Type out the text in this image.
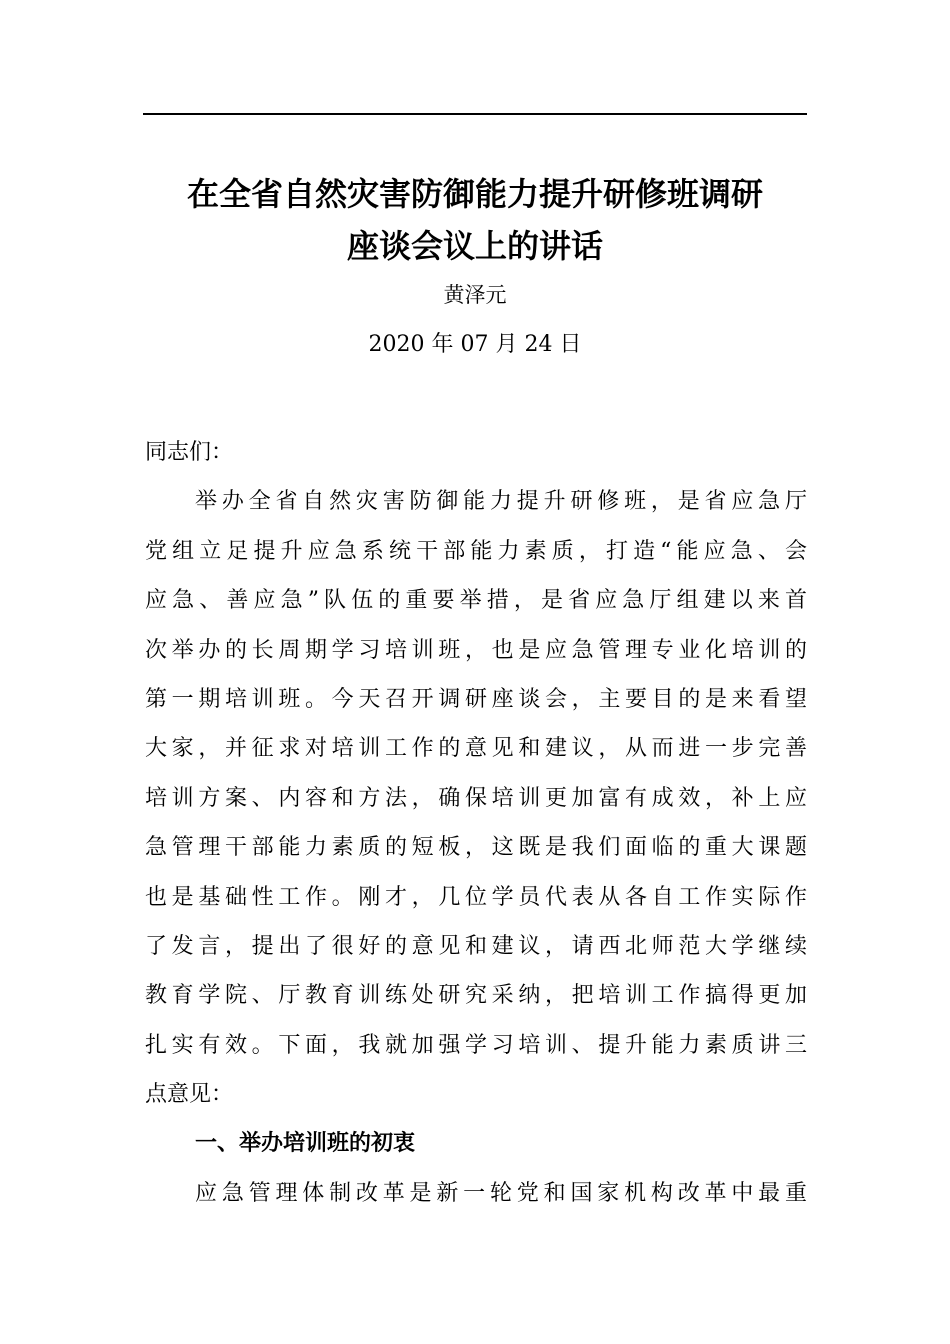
在全省自然灾害防御能力提升研修班调研
座谈会议上的讲话
黄泽元
2020 年 07 月 24 日
同志们：
举办全省自然灾害防御能力提升研修班，是省应急厅
党组立足提升应急系统干部能力素质，打造“能应急、会
应急、善应急”队伍的重要举措，是省应急厅组建以来首
次举办的长周期学习培训班，也是应急管理专业化培训的
第一期培训班。今天召开调研座谈会，主要目的是来看望
大家，并征求对培训工作的意见和建议，从而进一步完善
培训方案、内容和方法，确保培训更加富有成效，补上应
急管理干部能力素质的短板，这既是我们面临的重大课题
也是基础性工作。刚才，几位学员代表从各自工作实际作
了发言，提出了很好的意见和建议，请西北师范大学继续
教育学院、厅教育训练处研究采纳，把培训工作搞得更加
扎实有效。下面，我就加强学习培训、提升能力素质讲三
点意见：
一、举办培训班的初衷
应急管理体制改革是新一轮党和国家机构改革中最重
